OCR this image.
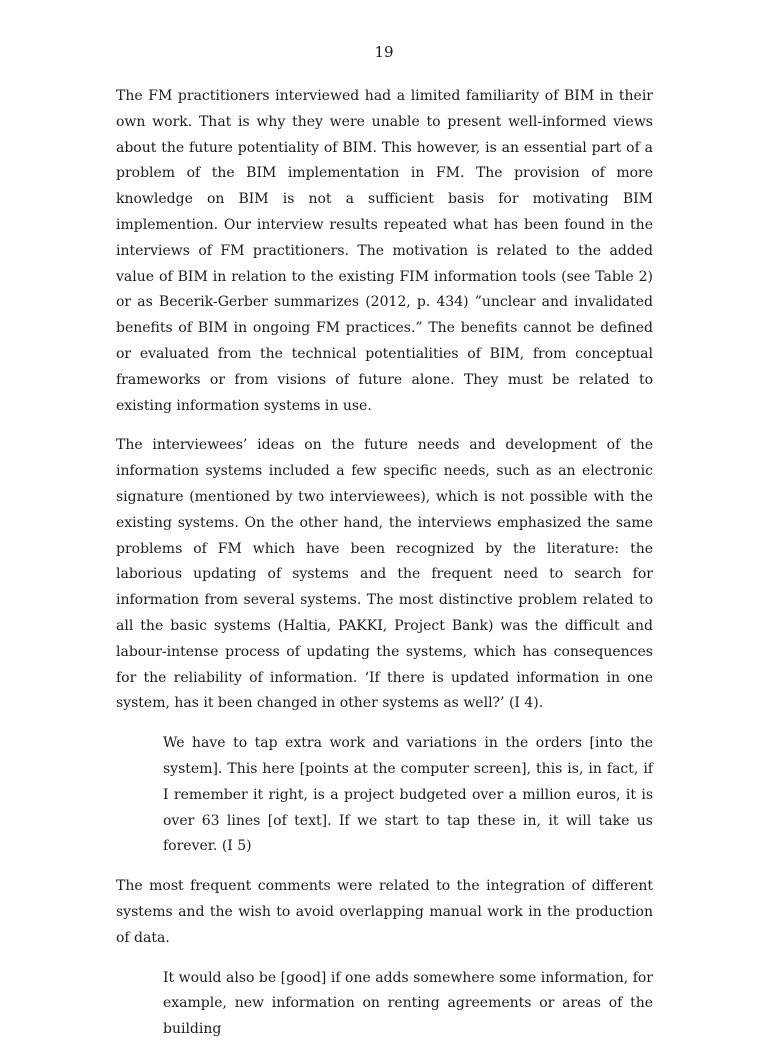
19

The FM practitioners interviewed had a limited familiarity of BIM in their own work. That is why they were unable to present well-informed views about the future potentiality of BIM. This however, is an essential part of a problem of the BIM implementation in FM. The provision of more knowledge on BIM is not a sufficient basis for motivating BIM implemention. Our interview results repeated what has been found in the interviews of FM practitioners. The motivation is related to the added value of BIM in relation to the existing FIM information tools (see Table 2) or as Becerik-Gerber summarizes (2012, p. 434) ”unclear and invalidated benefits of BIM in ongoing FM practices.” The benefits cannot be defined or evaluated from the technical potentialities of BIM, from conceptual frameworks or from visions of future alone. They must be related to existing information systems in use.

The interviewees’ ideas on the future needs and development of the information systems included a few specific needs, such as an electronic signature (mentioned by two interviewees), which is not possible with the existing systems. On the other hand, the interviews emphasized the same problems of FM which have been recognized by the literature: the laborious updating of systems and the frequent need to search for information from several systems. The most distinctive problem related to all the basic systems (Haltia, PAKKI, Project Bank) was the difficult and labour-intense process of updating the systems, which has consequences for the reliability of information. ‘If there is updated information in one system, has it been changed in other systems as well?’ (I 4).

We have to tap extra work and variations in the orders [into the system]. This here [points at the computer screen], this is, in fact, if I remember it right, is a project budgeted over a million euros, it is over 63 lines [of text]. If we start to tap these in, it will take us forever. (I 5)

The most frequent comments were related to the integration of different systems and the wish to avoid overlapping manual work in the production of data.

It would also be [good] if one adds somewhere some information, for example, new information on renting agreements or areas of the building
